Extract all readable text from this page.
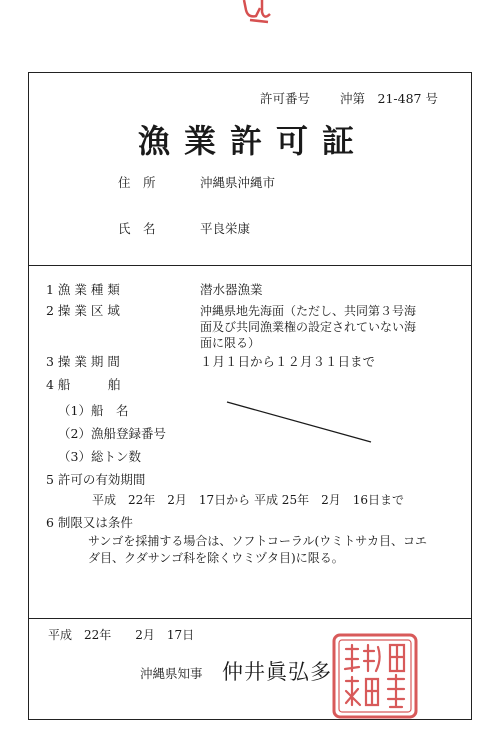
許可番号 沖第　21-487 号
漁業許可証
住　所	沖縄県沖縄市
氏　名	平良栄康
1 漁 業 種 類	潜水器漁業
2 操 業 区 域	沖縄県地先海面（ただし、共同第３号海
面及び共同漁業権の設定されていない海
面に限る）
3 操 業 期 間	１月１日から１２月３１日まで
4 船　　　舶
（1）船　名
（2）漁船登録番号
（3）総トン数
5 許可の有効期間
平成　22年　2月　17日から 平成 25年　2月　16日まで
6 制限又は条件
サンゴを採捕する場合は、ソフトコーラル(ウミトサカ目、コエ
ダ目、クダサンゴ科を除くウミヅタ目)に限る。
平成　22年　　2月　17日
沖縄県知事 仲井眞弘多
